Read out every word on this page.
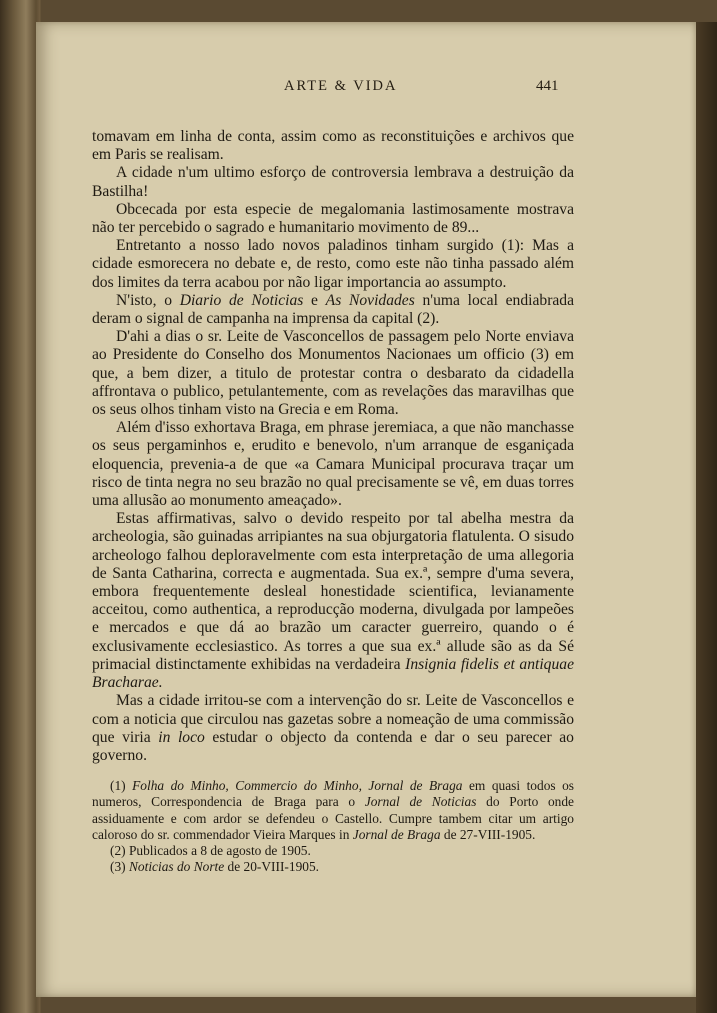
ARTE & VIDA	441

tomavam em linha de conta, assim como as reconstituições e archivos que em Paris se realisam.

A cidade n'um ultimo esforço de controversia lembrava a destruição da Bastilha!

Obcecada por esta especie de megalomania lastimosamente mostrava não ter percebido o sagrado e humanitario movimento de 89...

Entretanto a nosso lado novos paladinos tinham surgido (1): Mas a cidade esmorecera no debate e, de resto, como este não tinha passado além dos limites da terra acabou por não ligar importancia ao assumpto.

N'isto, o Diario de Noticias e As Novidades n'uma local endiabrada deram o signal de campanha na imprensa da capital (2).

D'ahi a dias o sr. Leite de Vasconcellos de passagem pelo Norte enviava ao Presidente do Conselho dos Monumentos Nacionaes um officio (3) em que, a bem dizer, a titulo de protestar contra o desbarato da cidadella affrontava o publico, petulantemente, com as revelações das maravilhas que os seus olhos tinham visto na Grecia e em Roma.

Além d'isso exhortava Braga, em phrase jeremiaca, a que não manchasse os seus pergaminhos e, erudito e benevolo, n'um arranque de esganiçada eloquencia, prevenia-a de que «a Camara Municipal procurava traçar um risco de tinta negra no seu brazão no qual precisamente se vê, em duas torres uma allusão ao monumento ameaçado».

Estas affirmativas, salvo o devido respeito por tal abelha mestra da archeologia, são guinadas arripiantes na sua objurgatoria flatulenta. O sisudo archeologo falhou deploravelmente com esta interpretação de uma allegoria de Santa Catharina, correcta e augmentada. Sua ex.ª, sempre d'uma severa, embora frequentemente desleal honestidade scientifica, levianamente acceitou, como authentica, a reproducção moderna, divulgada por lampeões e mercados e que dá ao brazão um caracter guerreiro, quando o é exclusivamente ecclesiastico. As torres a que sua ex.ª allude são as da Sé primacial distinctamente exhibidas na verdadeira Insignia fidelis et antiquae Bracharae.

Mas a cidade irritou-se com a intervenção do sr. Leite de Vasconcellos e com a noticia que circulou nas gazetas sobre a nomeação de uma commissão que viria in loco estudar o objecto da contenda e dar o seu parecer ao governo.

(1) Folha do Minho, Commercio do Minho, Jornal de Braga em quasi todos os numeros, Correspondencia de Braga para o Jornal de Noticias do Porto onde assiduamente e com ardor se defendeu o Castello. Cumpre tambem citar um artigo caloroso do sr. commendador Vieira Marques in Jornal de Braga de 27-VIII-1905.

(2) Publicados a 8 de agosto de 1905.

(3) Noticias do Norte de 20-VIII-1905.
